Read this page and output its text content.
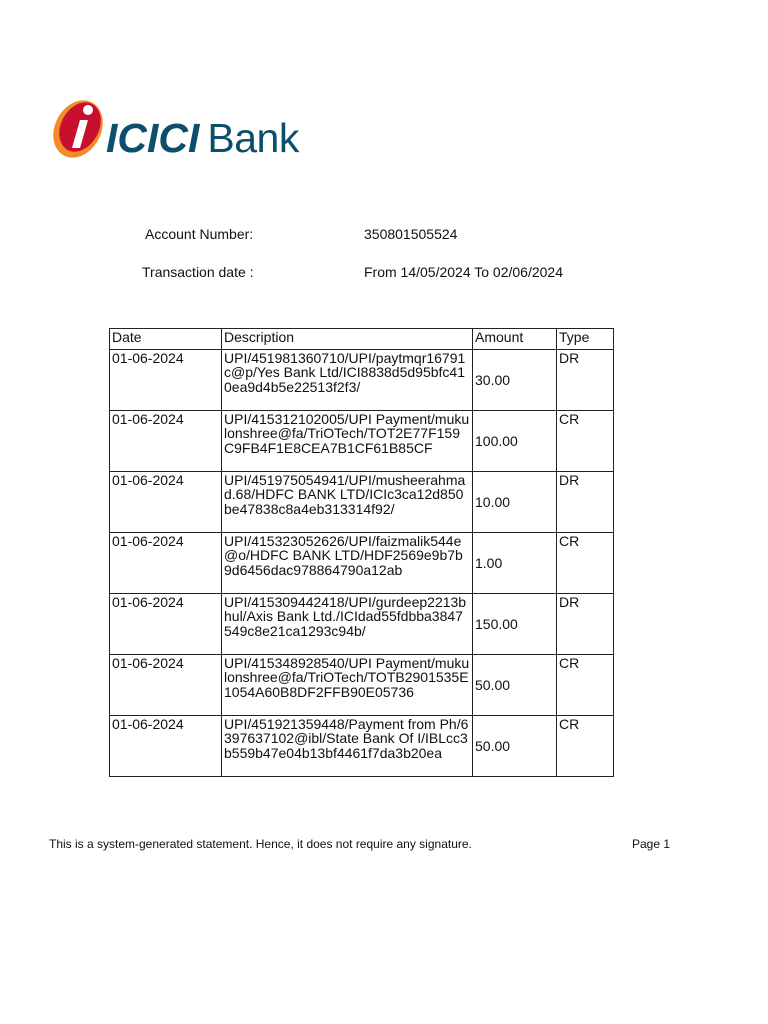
ICICI Bank
Account Number:	350801505524
Transaction date :	From 14/05/2024 To 02/06/2024
Date	Description	Amount	Type
01-06-2024	UPI/451981360710/UPI/paytmqr16791c@p/Yes Bank Ltd/ICI8838d5d95bfc410ea9d4b5e22513f2f3/	30.00	DR
01-06-2024	UPI/415312102005/UPI Payment/mukulonshree@fa/TriOTech/TOT2E77F159C9FB4F1E8CEA7B1CF61B85CF	100.00	CR
01-06-2024	UPI/451975054941/UPI/musheerahmad.68/HDFC BANK LTD/ICIc3ca12d850be47838c8a4eb313314f92/	10.00	DR
01-06-2024	UPI/415323052626/UPI/faizmalik544e@o/HDFC BANK LTD/HDF2569e9b7b9d6456dac978864790a12ab	1.00	CR
01-06-2024	UPI/415309442418/UPI/gurdeep2213bhul/Axis Bank Ltd./ICIdad55fdbba3847549c8e21ca1293c94b/	150.00	DR
01-06-2024	UPI/415348928540/UPI Payment/mukulonshree@fa/TriOTech/TOTB2901535E1054A60B8DF2FFB90E05736	50.00	CR
01-06-2024	UPI/451921359448/Payment from Ph/6397637102@ibl/State Bank Of I/IBLcc3b559b47e04b13bf4461f7da3b20ea	50.00	CR
This is a system-generated statement. Hence, it does not require any signature.	Page 1
